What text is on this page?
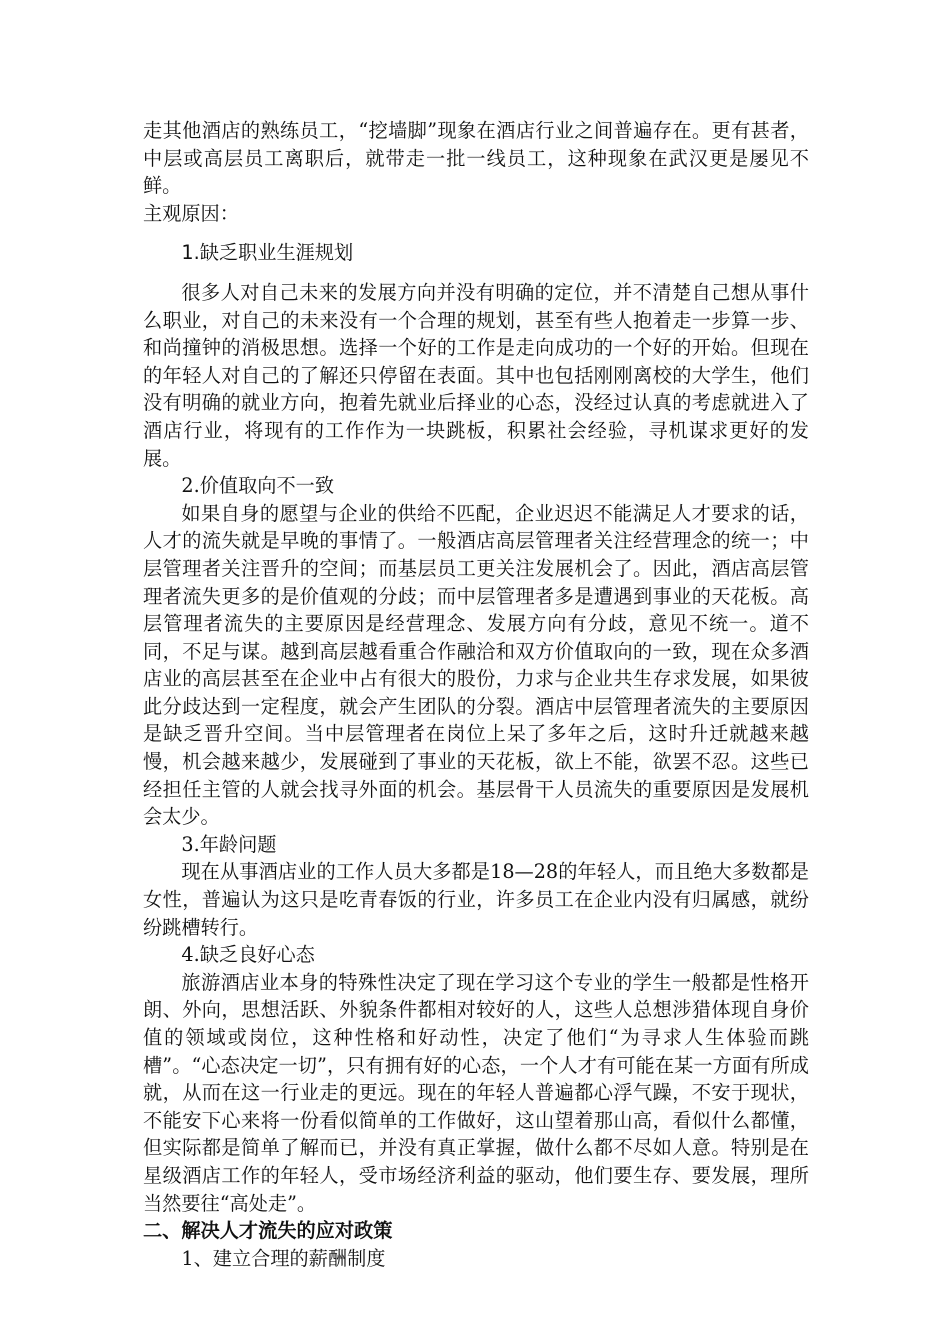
走其他酒店的熟练员工，“挖墙脚”现象在酒店行业之间普遍存在。更有甚者，中层或高层员工离职后，就带走一批一线员工，这种现象在武汉更是屡见不鲜。

主观原因：

1.缺乏职业生涯规划

很多人对自己未来的发展方向并没有明确的定位，并不清楚自己想从事什么职业，对自己的未来没有一个合理的规划，甚至有些人抱着走一步算一步、和尚撞钟的消极思想。选择一个好的工作是走向成功的一个好的开始。但现在的年轻人对自己的了解还只停留在表面。其中也包括刚刚离校的大学生，他们没有明确的就业方向，抱着先就业后择业的心态，没经过认真的考虑就进入了酒店行业，将现有的工作作为一块跳板，积累社会经验，寻机谋求更好的发展。

2.价值取向不一致

如果自身的愿望与企业的供给不匹配，企业迟迟不能满足人才要求的话，人才的流失就是早晚的事情了。一般酒店高层管理者关注经营理念的统一；中层管理者关注晋升的空间；而基层员工更关注发展机会了。因此，酒店高层管理者流失更多的是价值观的分歧；而中层管理者多是遭遇到事业的天花板。高层管理者流失的主要原因是经营理念、发展方向有分歧，意见不统一。道不同，不足与谋。越到高层越看重合作融洽和双方价值取向的一致，现在众多酒店业的高层甚至在企业中占有很大的股份，力求与企业共生存求发展，如果彼此分歧达到一定程度，就会产生团队的分裂。酒店中层管理者流失的主要原因是缺乏晋升空间。当中层管理者在岗位上呆了多年之后，这时升迁就越来越慢，机会越来越少，发展碰到了事业的天花板，欲上不能，欲罢不忍。这些已经担任主管的人就会找寻外面的机会。基层骨干人员流失的重要原因是发展机会太少。

3.年龄问题

现在从事酒店业的工作人员大多都是18—28的年轻人，而且绝大多数都是女性，普遍认为这只是吃青春饭的行业，许多员工在企业内没有归属感，就纷纷跳槽转行。

4.缺乏良好心态

旅游酒店业本身的特殊性决定了现在学习这个专业的学生一般都是性格开朗、外向，思想活跃、外貌条件都相对较好的人，这些人总想涉猎体现自身价值的领域或岗位，这种性格和好动性，决定了他们“为寻求人生体验而跳槽”。“心态决定一切”，只有拥有好的心态，一个人才有可能在某一方面有所成就，从而在这一行业走的更远。现在的年轻人普遍都心浮气躁，不安于现状，不能安下心来将一份看似简单的工作做好，这山望着那山高，看似什么都懂，但实际都是简单了解而已，并没有真正掌握，做什么都不尽如人意。特别是在星级酒店工作的年轻人，受市场经济利益的驱动，他们要生存、要发展，理所当然要往“高处走”。

二、解决人才流失的应对政策

1、建立合理的薪酬制度
